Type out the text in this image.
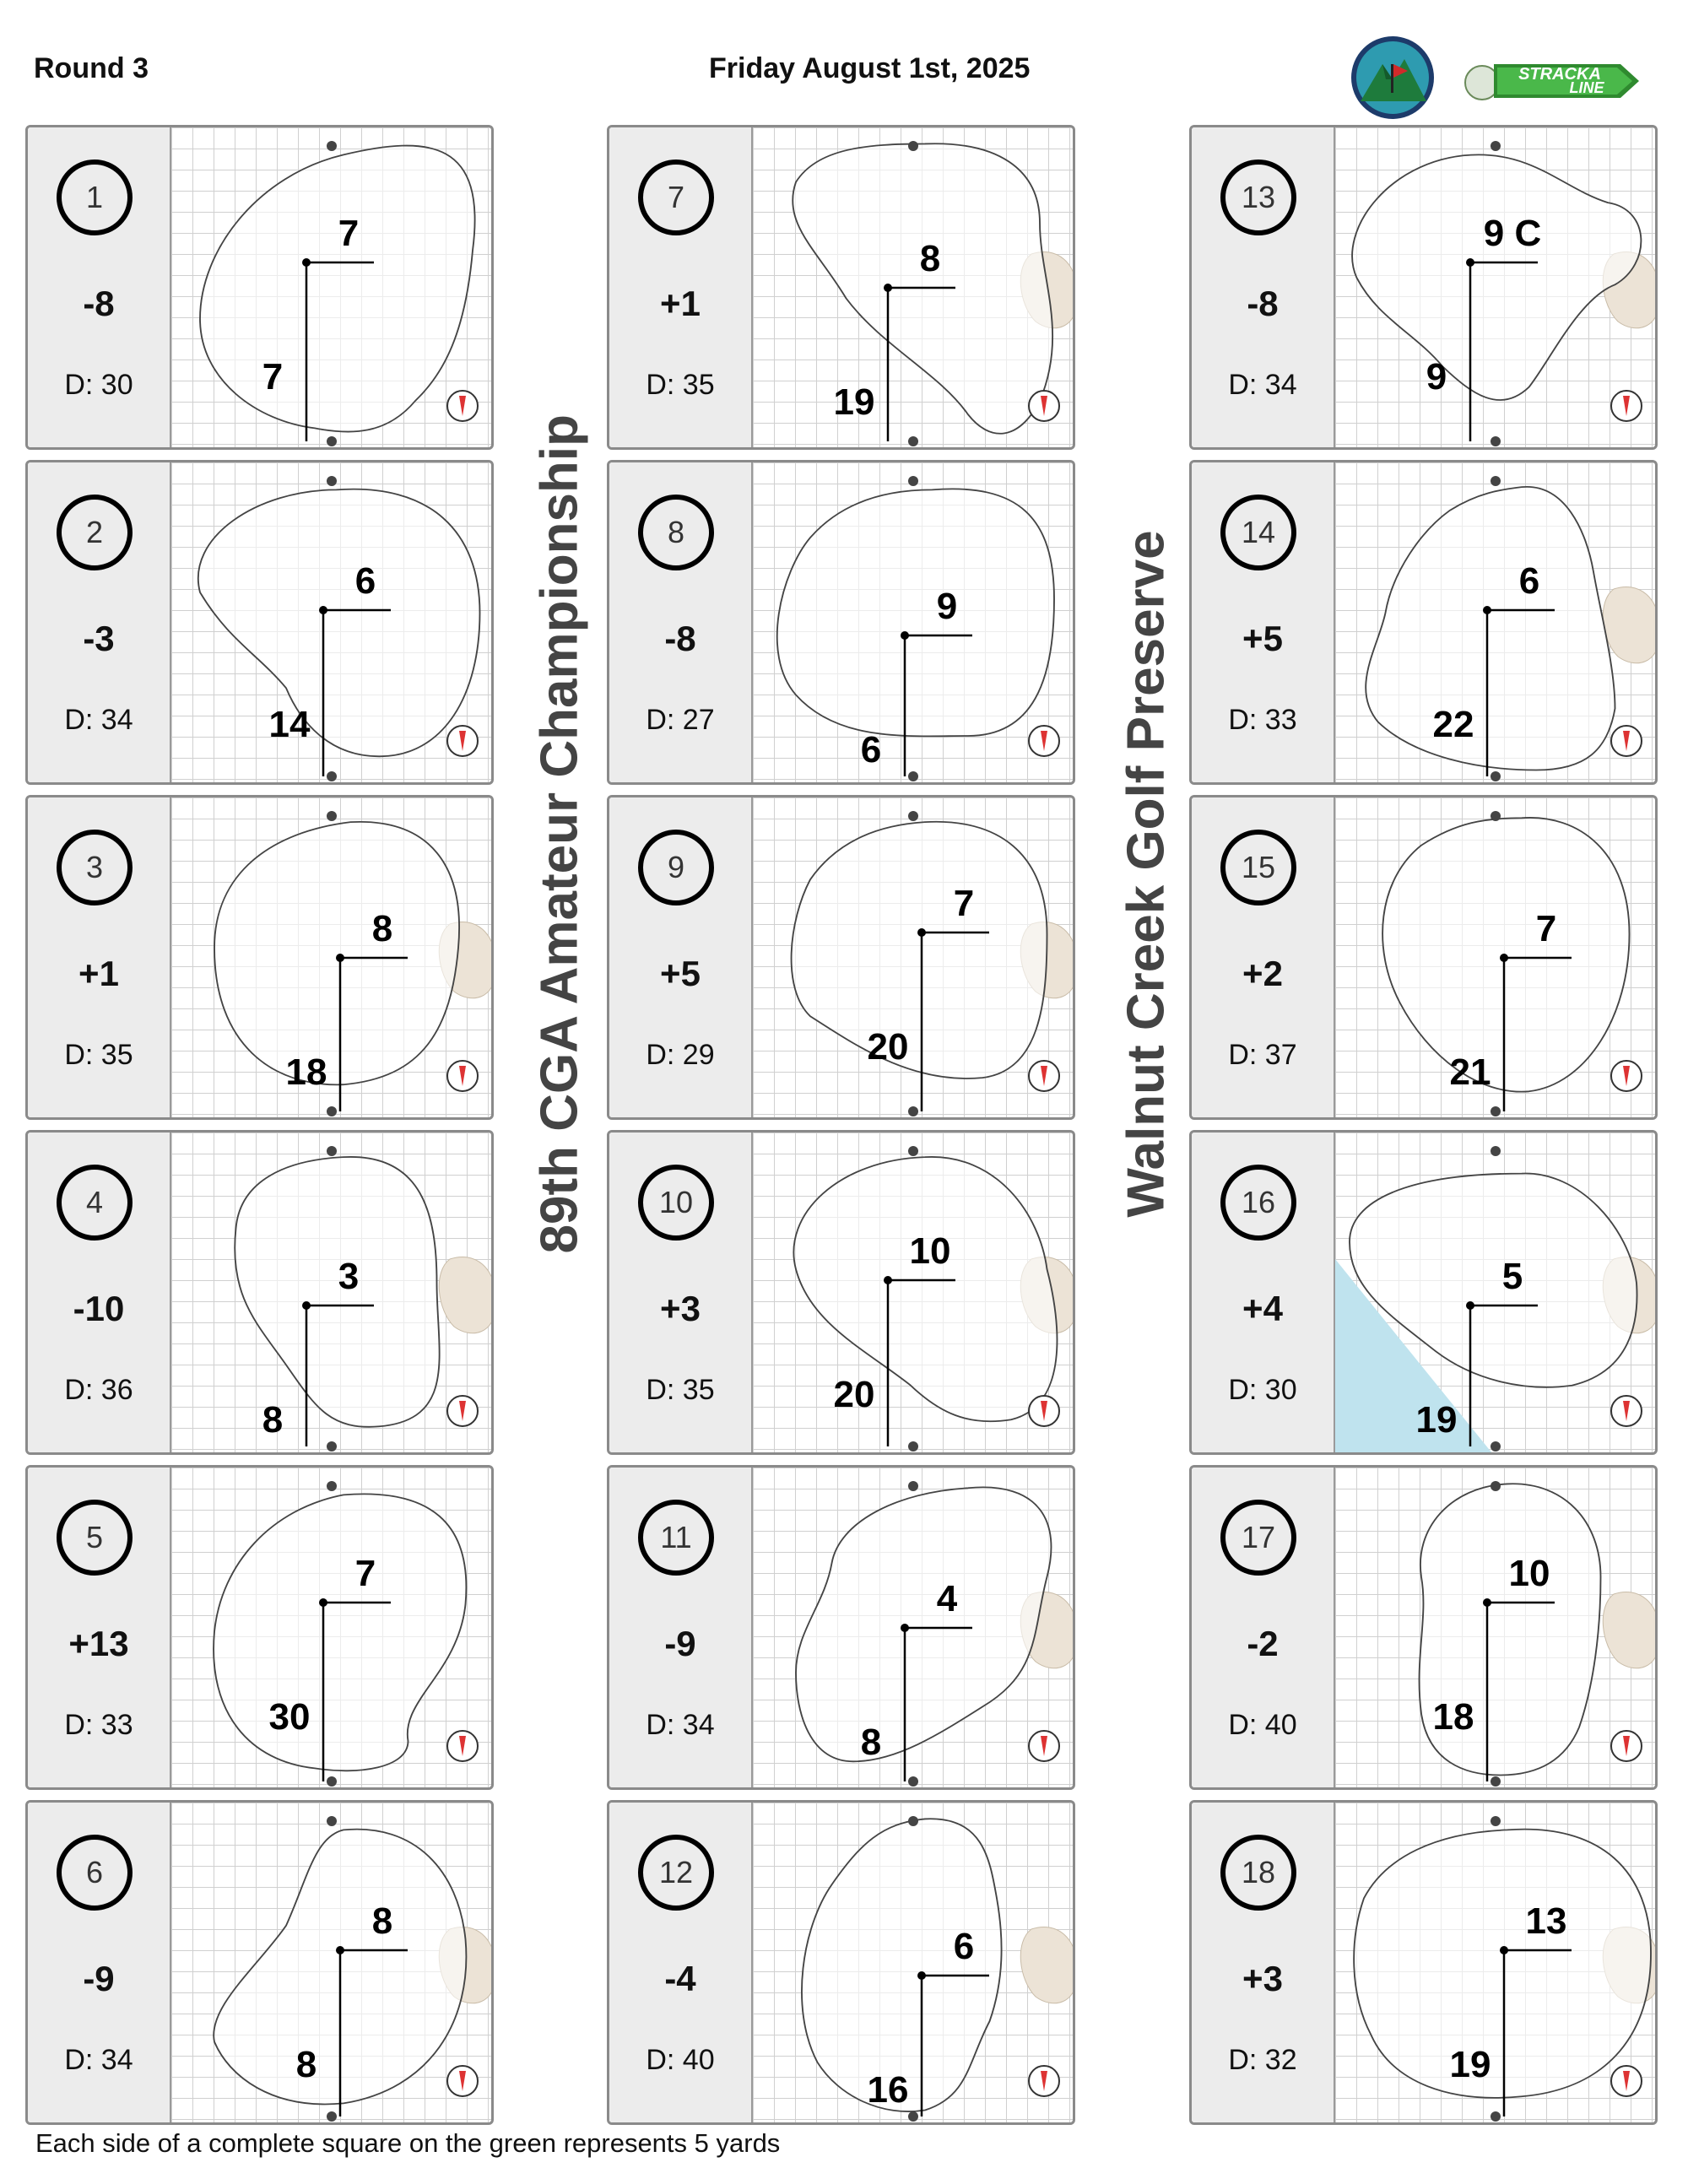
Round 3	Friday August 1st, 2025	STRACKA
LINE
89th CGA Amateur Championship	Walnut Creek Golf Preserve
1
-8
D: 30
7
7
2
-3
D: 34
6
14
3
+1
D: 35
8
18
4
-10
D: 36
3
8
5
+13
D: 33
7
30
6
-9
D: 34
8
8
7
+1
D: 35
8
19
8
-8
D: 27
9
6
9
+5
D: 29
7
20
10
+3
D: 35
10
20
11
-9
D: 34
4
8
12
-4
D: 40
6
16
13
-8
D: 34
9 C
9
14
+5
D: 33
6
22
15
+2
D: 37
7
21
16
+4
D: 30
5
19
17
-2
D: 40
10
18
18
+3
D: 32
13
19
Each side of a complete square on the green represents 5 yards
